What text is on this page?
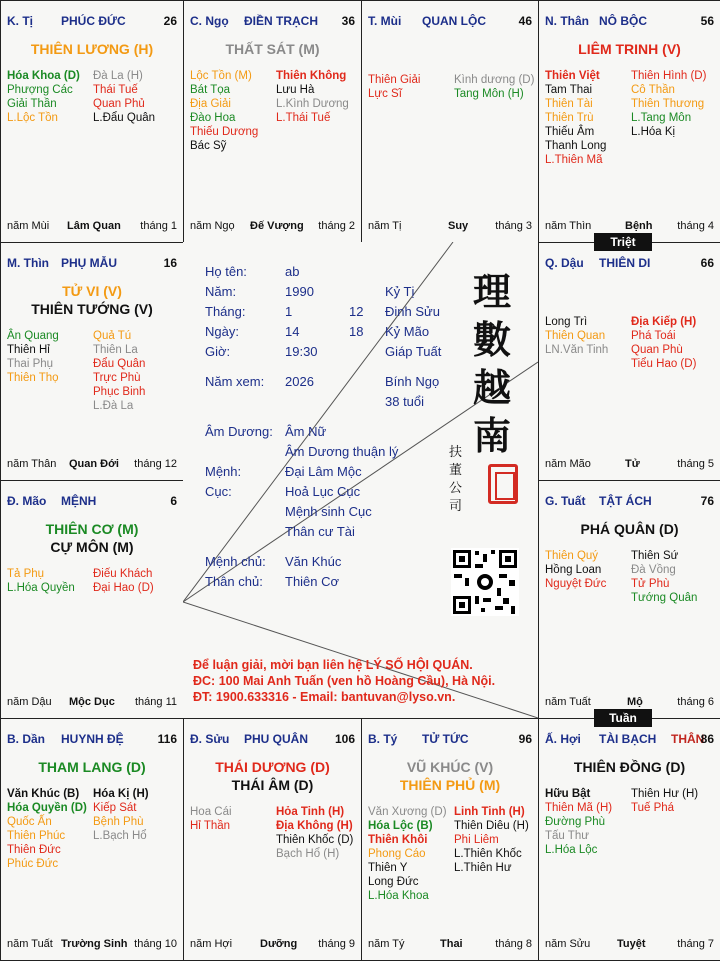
K. Tị PHÚC ĐỨC	26
THIÊN LƯƠNG (H)
Hóa Khoa (D)
Phượng Các
Giải Thần
L.Lộc Tồn
Đà La (H)
Thái Tuế
Quan Phủ
L.Đẩu Quân
năm Mùi Lâm Quan tháng 1
C. Ngọ ĐIỀN TRẠCH 36
THẤT SÁT (M)
Lộc Tồn (M)
Bát Tọa
Địa Giải
Đào Hoa
Thiếu Dương
Bác Sỹ
Thiên Không
Lưu Hà
L.Kình Dương
L.Thái Tuế
năm Ngọ Đế Vượng tháng 2
T. Mùi QUAN LỘC	46
Thiên Giải
Lực Sĩ
Kình dương (D)
Tang Môn (H)
năm Tị	Suy tháng 3
N. Thân NÔ BỘC	56
LIÊM TRINH (V)
Thiên Việt
Tam Thai
Thiên Tài
Thiên Trù
Thiếu Âm
Thanh Long
L.Thiên Mã
Thiên Hình (D)
Cô Thần
Thiên Thương
L.Tang Môn
L.Hóa Kị
năm Thìn	Bệnh tháng 4
M. Thìn PHỤ MẪU	16
TỬ VI (V)
THIÊN TƯỚNG (V)
Ân Quang
Thiên Hỉ
Thai Phụ
Thiên Thọ
Quả Tú
Thiên La
Đẩu Quân
Trực Phù
Phục Binh
L.Đà La
năm Thân Quan Đới tháng 12
Q. Dậu THIÊN DI	66
Long Trì
Thiên Quan
LN.Văn Tinh
Địa Kiếp (H)
Phá Toái
Quan Phù
Tiểu Hao (D)
năm Mão	Tử	tháng 5
Đ. Mão MỆNH	6
THIÊN CƠ (M)
CỰ MÔN (M)
Tả Phụ
L.Hóa Quyền
Điếu Khách
Đại Hao (D)
năm Dậu Mộc Dục tháng 11
G. Tuất TẬT ÁCH	76
PHÁ QUÂN (D)
Thiên Quý
Hồng Loan
Nguyệt Đức
Thiên Sứ
Đà Vồng
Tử Phù
Tướng Quân
năm Tuất	Mộ	tháng 6
B. Dần HUYNH ĐỆ	116
THAM LANG (D)
Văn Khúc (B)
Hóa Quyền (D)
Quốc Ấn
Thiên Phúc
Thiên Đức
Phúc Đức
Hóa Kị (H)
Kiếp Sát
Bệnh Phù
L.Bạch Hổ
năm Tuất Trường Sinh tháng 10
Đ. Sửu PHU QUÂN 106
THÁI DƯƠNG (D)
THÁI ÂM (D)
Hoa Cái
Hỉ Thần
Hỏa Tinh (H)
Địa Không (H)
Thiên Khốc (D)
Bạch Hổ (H)
năm Hợi	Dưỡng tháng 9
B. Tý TỬ TỨC	96
VŨ KHÚC (V)
THIÊN PHỦ (M)
Văn Xương (D)
Hóa Lộc (B)
Thiên Khôi
Phong Cáo
Thiên Y
Long Đức
L.Hóa Khoa
Linh Tinh (H)
Thiên Diêu (H)
Phi Liêm
L.Thiên Khốc
L.Thiên Hư
năm Tý	Thai	tháng 8
Ấ. Hợi TÀI BẠCH THÂN
86
THIÊN ĐỒNG (D)
Hữu Bật
Thiên Mã (H)
Đường Phù
Tấu Thư
L.Hóa Lộc
Thiên Hư (H)
Tuế Phá
năm Sửu Tuyệt	tháng 7
Họ tên:	ab
Năm:	1990	Kỷ Tị
Tháng:	1	12 Đinh Sửu
Ngày:	14	18 Kỷ Mão
Giờ:	19:30	Giáp Tuất
Năm xem: 2026	Bính Ngọ
38 tuổi
Âm Dương: Âm Nữ
Âm Dương thuận lý
Mệnh:	Đại Lâm Mộc
Cục:	Hoả Lục Cục
Mệnh sinh Cục
Thân cư Tài
Mệnh chủ: Văn Khúc
Thân chủ: Thiên Cơ
理
數
越
南
扶
董
公
司
Để luận giải, mời bạn liên hệ LÝ SỐ HỘI QUÁN.
ĐC: 100 Mai Anh Tuấn (ven hồ Hoàng Cầu), Hà Nội.
ĐT: 1900.633316 - Email: bantuvan@lyso.vn.
Triệt
Tuần
